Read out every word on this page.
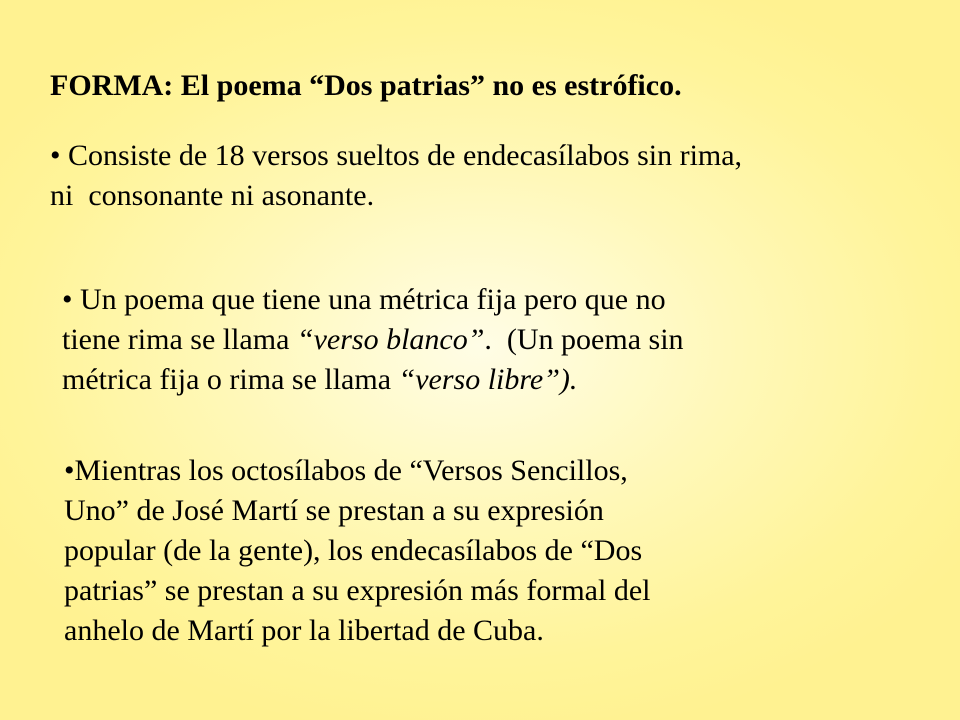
FORMA: El poema “Dos patrias” no es estrófico.
• Consiste de 18 versos sueltos de endecasílabos sin rima,
ni  consonante ni asonante.
• Un poema que tiene una métrica fija pero que no
tiene rima se llama “verso blanco”.  (Un poema sin
métrica fija o rima se llama “verso libre”).
•Mientras los octosílabos de “Versos Sencillos,
Uno” de José Martí se prestan a su expresión
popular (de la gente), los endecasílabos de “Dos
patrias” se prestan a su expresión más formal del
anhelo de Martí por la libertad de Cuba.
